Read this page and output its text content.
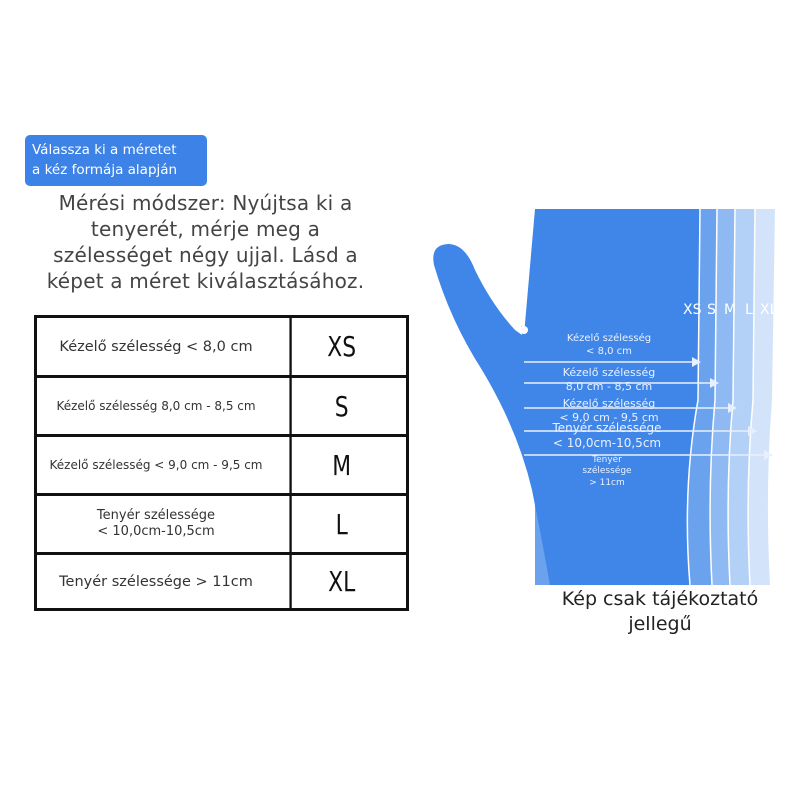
Válassza ki a méretet
a kéz formája alapján
Mérési módszer: Nyújtsa ki a
tenyerét, mérje meg a
szélességet négy ujjal. Lásd a
képet a méret kiválasztásához.
Kézelő szélesség < 8,0 cm	XS
Kézelő szélesség 8,0 cm - 8,5 cm	S
Kézelő szélesség < 9,0 cm - 9,5 cm	M
Tenyér szélessége
< 10,0cm-10,5cm	L
Tenyér szélessége > 11cm	XL
XS S M L XL
Kézelő szélesség
< 8,0 cm
Kézelő szélesség
8,0 cm - 8,5 cm
Kézelő szélesség
< 9,0 cm - 9,5 cm
Tenyér szélessége
< 10,0cm-10,5cm
Tenyér
szélessége
> 11cm
Kép csak tájékoztató
jellegű
